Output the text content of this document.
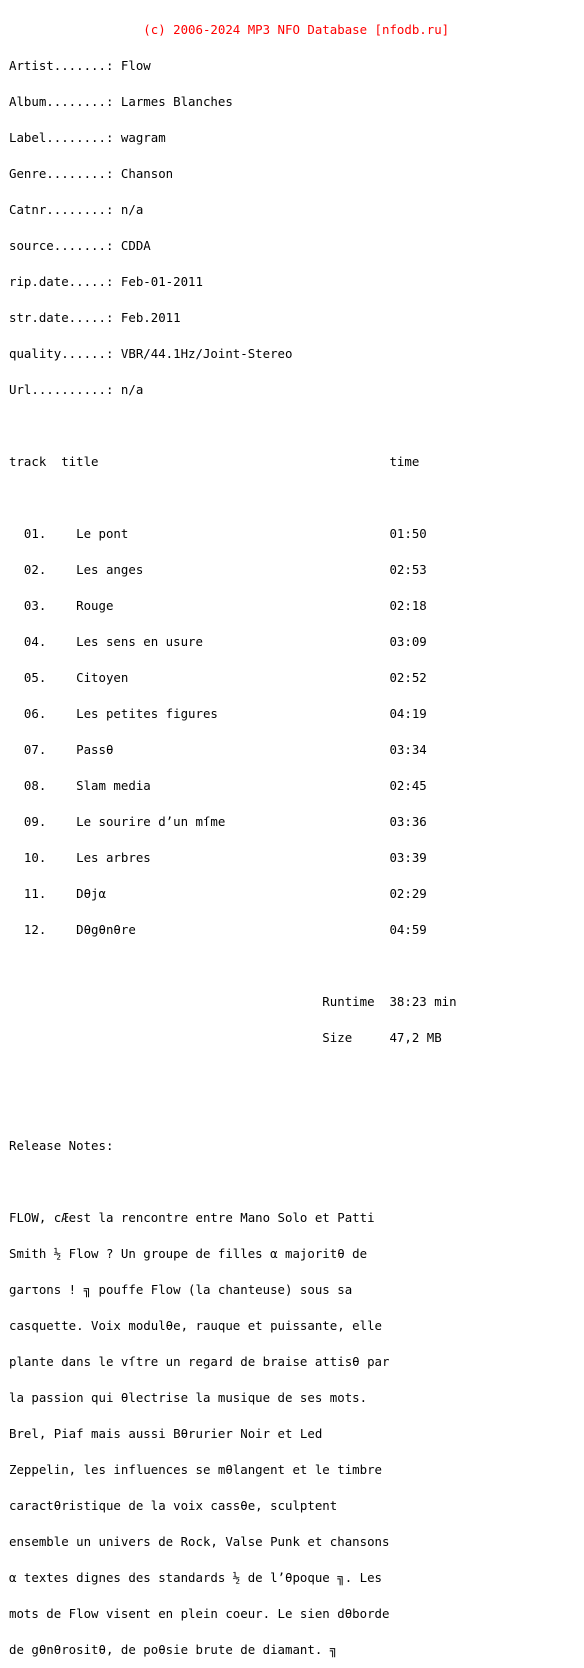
(c) 2006-2024 MP3 NFO Database [nfodb.ru]

Artist.......: Flow

Album........: Larmes Blanches

Label........: wagram

Genre........: Chanson

Catnr........: n/a

source.......: CDDA

rip.date.....: Feb-01-2011

str.date.....: Feb.2011

quality......: VBR/44.1Hz/Joint-Stereo

Url..........: n/a

track  title                                       time

01.    Le pont                                   01:50

02.    Les anges                                 02:53

03.    Rouge                                     02:18

04.    Les sens en usure                         03:09

05.    Citoyen                                   02:52

06.    Les petites figures                       04:19

07.    Passθ                                     03:34

08.    Slam media                                02:45

09.    Le sourire d’un mſme                      03:36

10.    Les arbres                                03:39

11.    Dθjα                                      02:29

12.    Dθgθnθre                                  04:59

Runtime  38:23 min

Size     47,2 MB

Release Notes:

FLOW, cÆest la rencontre entre Mano Solo et Patti

Smith ½ Flow ? Un groupe de filles α majoritθ de

garτons ! ╗ pouffe Flow (la chanteuse) sous sa

casquette. Voix modulθe, rauque et puissante, elle

plante dans le vſtre un regard de braise attisθ par

la passion qui θlectrise la musique de ses mots.

Brel, Piaf mais aussi Bθrurier Noir et Led

Zeppelin, les influences se mθlangent et le timbre

caractθristique de la voix cassθe, sculptent

ensemble un univers de Rock, Valse Punk et chansons

α textes dignes des standards ½ de l’θpoque ╗. Les

mots de Flow visent en plein coeur. Le sien dθborde

de gθnθrositθ, de poθsie brute de diamant. ╗
